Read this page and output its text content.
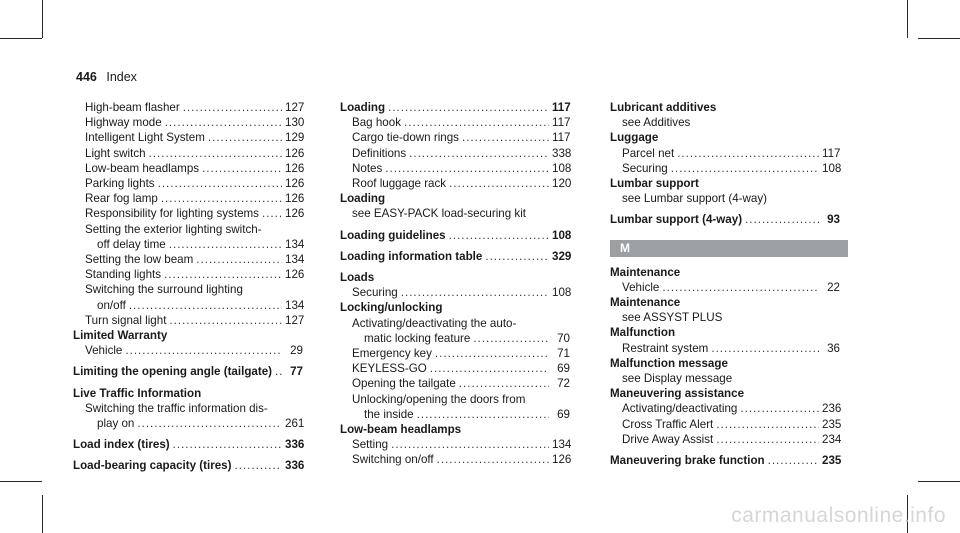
446 Index
High-beam flasher .....	127
Highway mode .....	130
Intelligent Light System .....	129
Light switch .....	126
Low-beam headlamps .....	126
Parking lights .....	126
Rear fog lamp .....	126
Responsibility for lighting systems ..... 126
Setting the exterior lighting switch-
off delay time .....	134
Setting the low beam .....	134
Standing lights .....	126
Switching the surround lighting
on/off .....	134
Turn signal light .....	127
Limited Warranty
Vehicle .....	29
Limiting the opening angle (tailgate) .....	77
Live Traffic Information
Switching the traffic information dis-
play on .....	261
Load index (tires) .....	336
Load-bearing capacity (tires) .....	336
Loading .....	117
Bag hook .....	117
Cargo tie-down rings .....	117
Definitions .....	338
Notes .....	108
Roof luggage rack .....	120
Loading
see EASY-PACK load-securing kit
Loading guidelines .....	108
Loading information table .....	329
Loads
Securing .....	108
Locking/unlocking
Activating/deactivating the auto-
matic locking feature .....	70
Emergency key .....	71
KEYLESS-GO .....	69
Opening the tailgate .....	72
Unlocking/opening the doors from
the inside .....	69
Low-beam headlamps
Setting .....	134
Switching on/off .....	126
Lubricant additives
see Additives
Luggage
Parcel net .....	117
Securing .....	108
Lumbar support
see Lumbar support (4-way)
Lumbar support (4-way) .....	93
M
Maintenance
Vehicle .....	22
Maintenance
see ASSYST PLUS
Malfunction
Restraint system .....	36
Malfunction message
see Display message
Maneuvering assistance
Activating/deactivating .....	236
Cross Traffic Alert .....	235
Drive Away Assist .....	234
Maneuvering brake function .....	235
carmanualsonline.info
